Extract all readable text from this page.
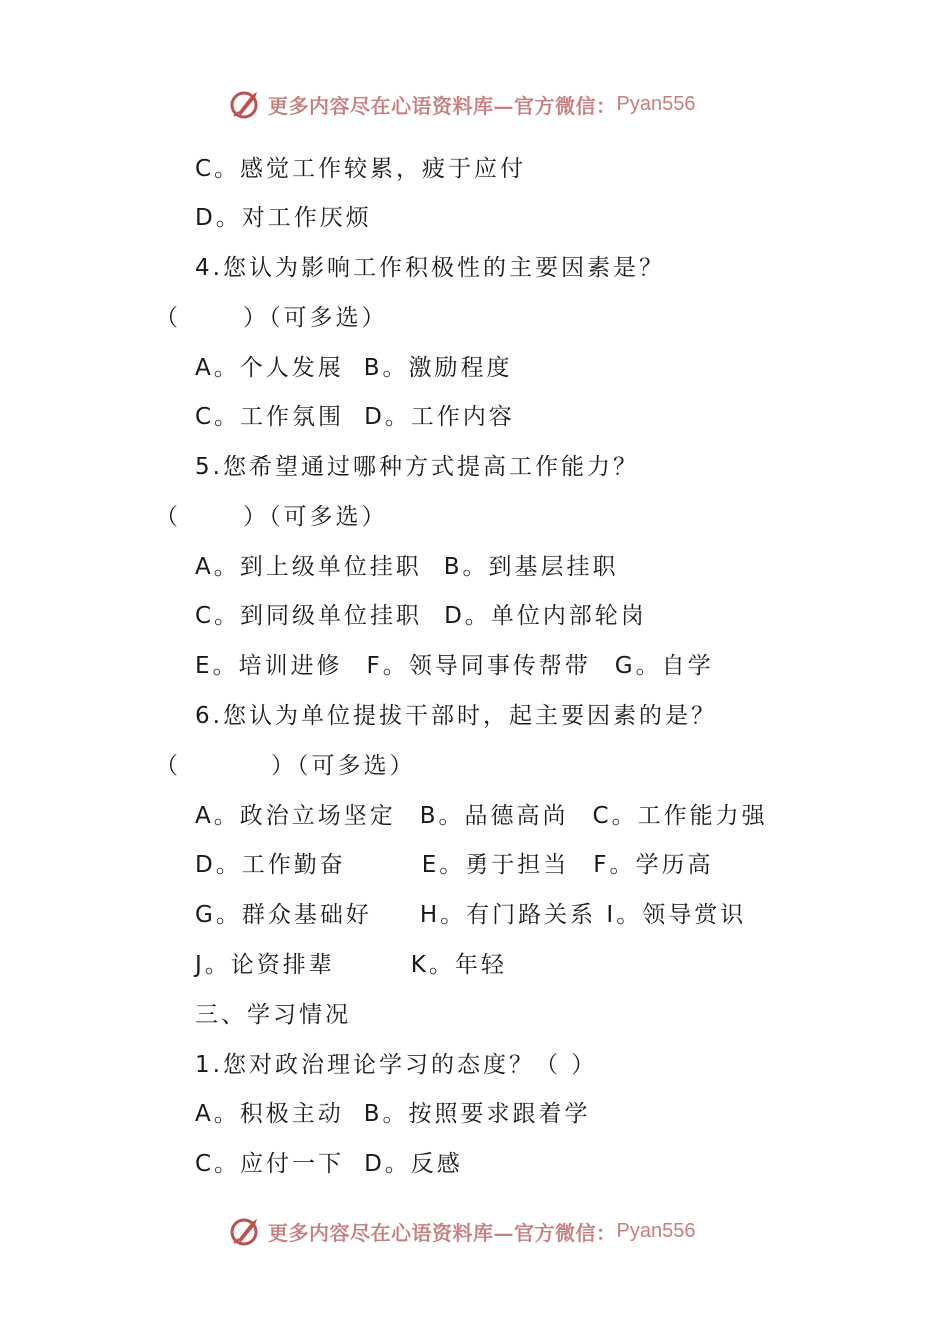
更多内容尽在心语资料库—官方微信： Pyan556
C。感觉工作较累，疲于应付
D。对工作厌烦
4.您认为影响工作积极性的主要因素是？
（	）（可多选）
A。个人发展 B。激励程度
C。工作氛围 D。工作内容
5.您希望通过哪种方式提高工作能力？
（	）（可多选）
A。到上级单位挂职 B。到基层挂职
C。到同级单位挂职 D。单位内部轮岗
E。培训进修 F。领导同事传帮带 G。自学
6.您认为单位提拔干部时，起主要因素的是？
（	）（可多选）
A。政治立场坚定 B。品德高尚 C。工作能力强
D。工作勤奋	E。勇于担当 F。学历高
G。群众基础好 H。有门路关系 I。领导赏识
J。论资排辈	K。年轻
三、学习情况
1.您对政治理论学习的态度？（ ）
A。积极主动 B。按照要求跟着学
C。应付一下 D。反感
更多内容尽在心语资料库—官方微信： Pyan556
